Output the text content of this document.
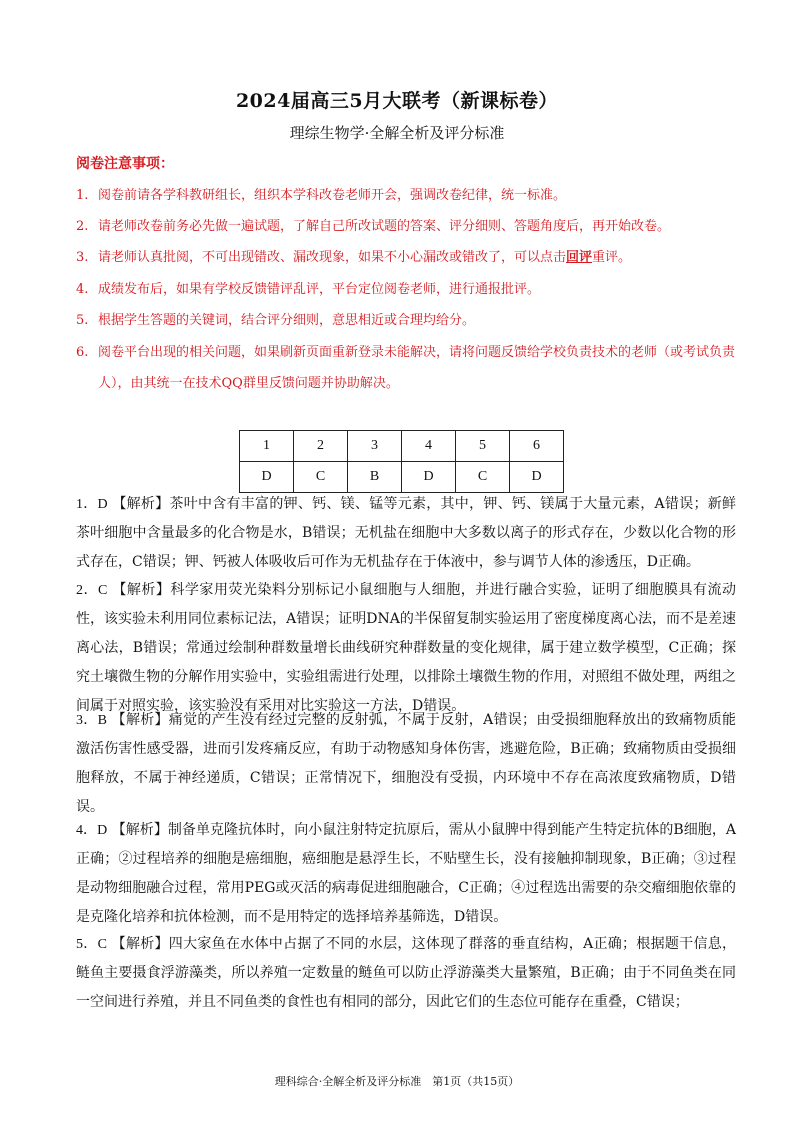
2024届高三5月大联考（新课标卷）
理综生物学·全解全析及评分标准
阅卷注意事项：
1. 阅卷前请各学科教研组长，组织本学科改卷老师开会，强调改卷纪律，统一标准。
2. 请老师改卷前务必先做一遍试题，了解自己所改试题的答案、评分细则、答题角度后，再开始改卷。
3. 请老师认真批阅，不可出现错改、漏改现象，如果不小心漏改或错改了，可以点击回评重评。
4. 成绩发布后，如果有学校反馈错评乱评，平台定位阅卷老师，进行通报批评。
5. 根据学生答题的关键词，结合评分细则，意思相近或合理均给分。
6. 阅卷平台出现的相关问题，如果刷新页面重新登录未能解决，请将问题反馈给学校负责技术的老师（或考试负责人），由其统一在技术QQ群里反馈问题并协助解决。
1	2	3	4	5	6
D	C	B	D	C	D
1．D 【解析】茶叶中含有丰富的钾、钙、镁、锰等元素，其中，钾、钙、镁属于大量元素，A错误；新鲜茶叶细胞中含量最多的化合物是水，B错误；无机盐在细胞中大多数以离子的形式存在，少数以化合物的形式存在，C错误；钾、钙被人体吸收后可作为无机盐存在于体液中，参与调节人体的渗透压，D正确。
2．C 【解析】科学家用荧光染料分别标记小鼠细胞与人细胞，并进行融合实验，证明了细胞膜具有流动性，该实验未利用同位素标记法，A错误；证明DNA的半保留复制实验运用了密度梯度离心法，而不是差速离心法，B错误；常通过绘制种群数量增长曲线研究种群数量的变化规律，属于建立数学模型，C正确；探究土壤微生物的分解作用实验中，实验组需进行处理，以排除土壤微生物的作用，对照组不做处理，两组之间属于对照实验，该实验没有采用对比实验这一方法，D错误。
3．B 【解析】痛觉的产生没有经过完整的反射弧，不属于反射，A错误；由受损细胞释放出的致痛物质能激活伤害性感受器，进而引发疼痛反应，有助于动物感知身体伤害，逃避危险，B正确；致痛物质由受损细胞释放，不属于神经递质，C错误；正常情况下，细胞没有受损，内环境中不存在高浓度致痛物质，D错误。
4．D 【解析】制备单克隆抗体时，向小鼠注射特定抗原后，需从小鼠脾中得到能产生特定抗体的B细胞，A正确；②过程培养的细胞是癌细胞，癌细胞是悬浮生长，不贴壁生长，没有接触抑制现象，B正确；③过程是动物细胞融合过程，常用PEG或灭活的病毒促进细胞融合，C正确；④过程选出需要的杂交瘤细胞依靠的是克隆化培养和抗体检测，而不是用特定的选择培养基筛选，D错误。
5．C 【解析】四大家鱼在水体中占据了不同的水层，这体现了群落的垂直结构，A正确；根据题干信息，鲢鱼主要摄食浮游藻类，所以养殖一定数量的鲢鱼可以防止浮游藻类大量繁殖，B正确；由于不同鱼类在同一空间进行养殖，并且不同鱼类的食性也有相同的部分，因此它们的生态位可能存在重叠，C错误；
理科综合·全解全析及评分标准　第1页（共15页）
